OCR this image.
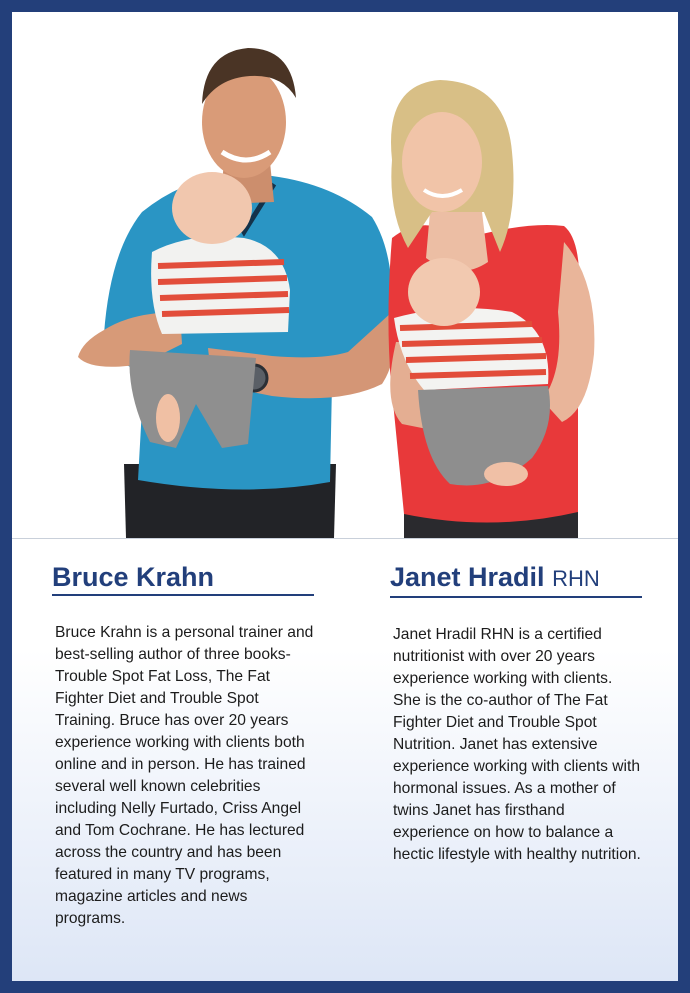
Bruce Krahn

Bruce Krahn is a personal trainer and best-selling author of three books- Trouble Spot Fat Loss, The Fat Fighter Diet and Trouble Spot Training. Bruce has over 20 years experience working with clients both online and in person. He has trained several well known celebrities including Nelly Furtado, Criss Angel and Tom Cochrane. He has lectured across the country and has been featured in many TV programs, magazine articles and news programs.

Janet Hradil RHN

Janet Hradil RHN is a certified nutritionist with over 20 years experience working with clients. She is the co-author of The Fat Fighter Diet and Trouble Spot Nutrition. Janet has extensive experience working with clients with hormonal issues. As a mother of twins Janet has firsthand experience on how to balance a hectic lifestyle with healthy nutrition.
